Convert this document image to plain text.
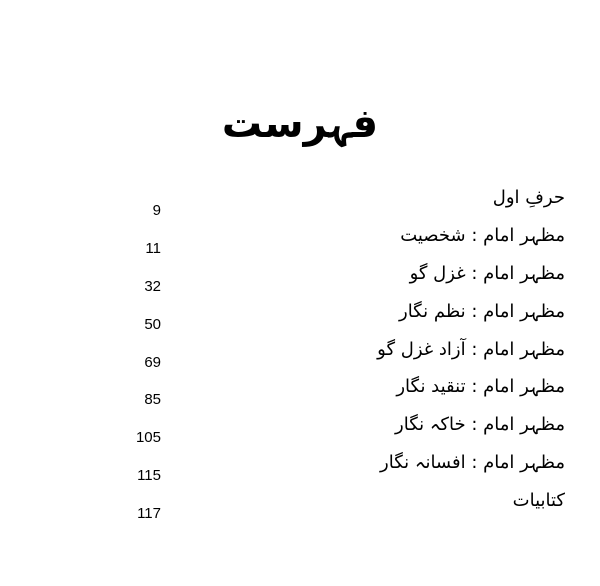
فہرست
حرفِ اول
9
مظہر امام : شخصیت
11
مظہر امام : غزل گو
32
مظہر امام : نظم نگار
50
مظہر امام : آزاد غزل گو
69
مظہر امام : تنقید نگار
85
مظہر امام : خاکہ نگار
105
مظہر امام : افسانہ نگار
115
کتابیات
117
